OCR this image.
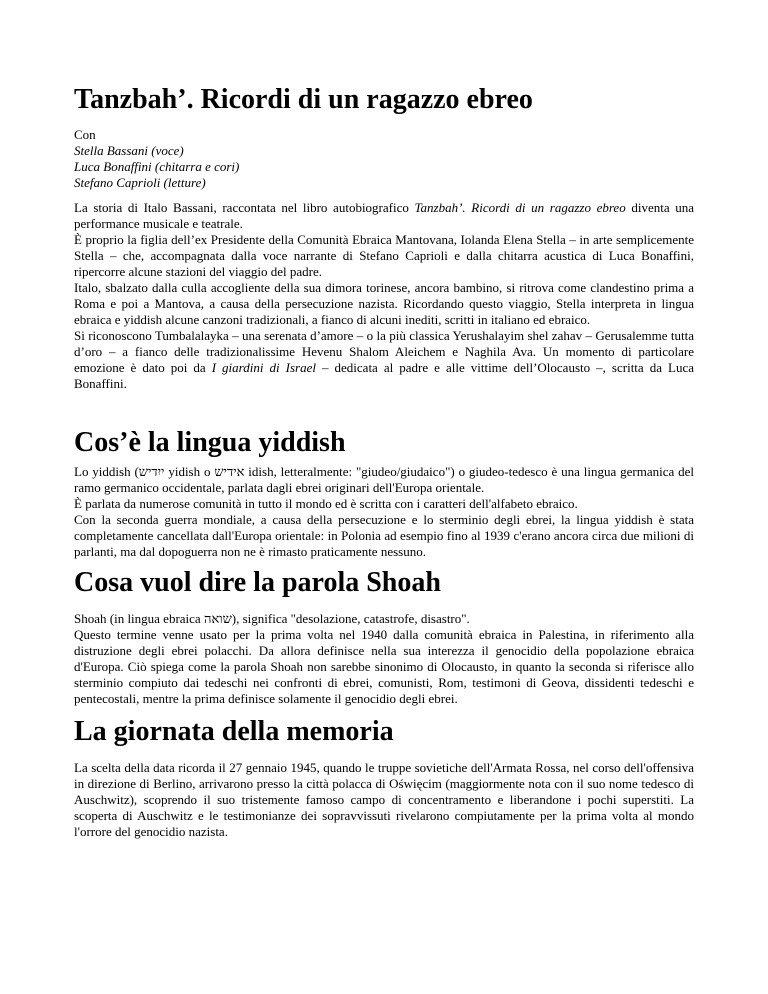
Tanzbah’. Ricordi di un ragazzo ebreo
Con
Stella Bassani (voce)
Luca Bonaffini (chitarra e cori)
Stefano Caprioli (letture)
La storia di Italo Bassani, raccontata nel libro autobiografico Tanzbah’. Ricordi di un ragazzo ebreo diventa una performance musicale e teatrale.
È proprio la figlia dell’ex Presidente della Comunità Ebraica Mantovana, Iolanda Elena Stella – in arte semplicemente Stella – che, accompagnata dalla voce narrante di Stefano Caprioli e dalla chitarra acustica di Luca Bonaffini, ripercorre alcune stazioni del viaggio del padre.
Italo, sbalzato dalla culla accogliente della sua dimora torinese, ancora bambino, si ritrova come clandestino prima a Roma e poi a Mantova, a causa della persecuzione nazista. Ricordando questo viaggio, Stella interpreta in lingua ebraica e yiddish alcune canzoni tradizionali, a fianco di alcuni inediti, scritti in italiano ed ebraico.
Si riconoscono Tumbalalayka – una serenata d’amore – o la più classica Yerushalayim shel zahav – Gerusalemme tutta d’oro – a fianco delle tradizionalissime Hevenu Shalom Aleichem e Naghila Ava. Un momento di particolare emozione è dato poi da I giardini di Israel – dedicata al padre e alle vittime dell’Olocausto –, scritta da Luca Bonaffini.
Cos’è la lingua yiddish
Lo yiddish (ייִדיש yidish o אידיש idish, letteralmente: "giudeo/giudaico") o giudeo-tedesco è una lingua germanica del ramo germanico occidentale, parlata dagli ebrei originari dell'Europa orientale.
È parlata da numerose comunità in tutto il mondo ed è scritta con i caratteri dell'alfabeto ebraico.
Con la seconda guerra mondiale, a causa della persecuzione e lo sterminio degli ebrei, la lingua yiddish è stata completamente cancellata dall'Europa orientale: in Polonia ad esempio fino al 1939 c'erano ancora circa due milioni di parlanti, ma dal dopoguerra non ne è rimasto praticamente nessuno.
Cosa vuol dire la parola Shoah
Shoah (in lingua ebraica שואה), significa "desolazione, catastrofe, disastro".
Questo termine venne usato per la prima volta nel 1940 dalla comunità ebraica in Palestina, in riferimento alla distruzione degli ebrei polacchi. Da allora definisce nella sua interezza il genocidio della popolazione ebraica d'Europa. Ciò spiega come la parola Shoah non sarebbe sinonimo di Olocausto, in quanto la seconda si riferisce allo sterminio compiuto dai tedeschi nei confronti di ebrei, comunisti, Rom, testimoni di Geova, dissidenti tedeschi e pentecostali, mentre la prima definisce solamente il genocidio degli ebrei.
La giornata della memoria
La scelta della data ricorda il 27 gennaio 1945, quando le truppe sovietiche dell'Armata Rossa, nel corso dell'offensiva in direzione di Berlino, arrivarono presso la città polacca di Oświęcim (maggiormente nota con il suo nome tedesco di Auschwitz), scoprendo il suo tristemente famoso campo di concentramento e liberandone i pochi superstiti. La scoperta di Auschwitz e le testimonianze dei sopravvissuti rivelarono compiutamente per la prima volta al mondo l'orrore del genocidio nazista.
